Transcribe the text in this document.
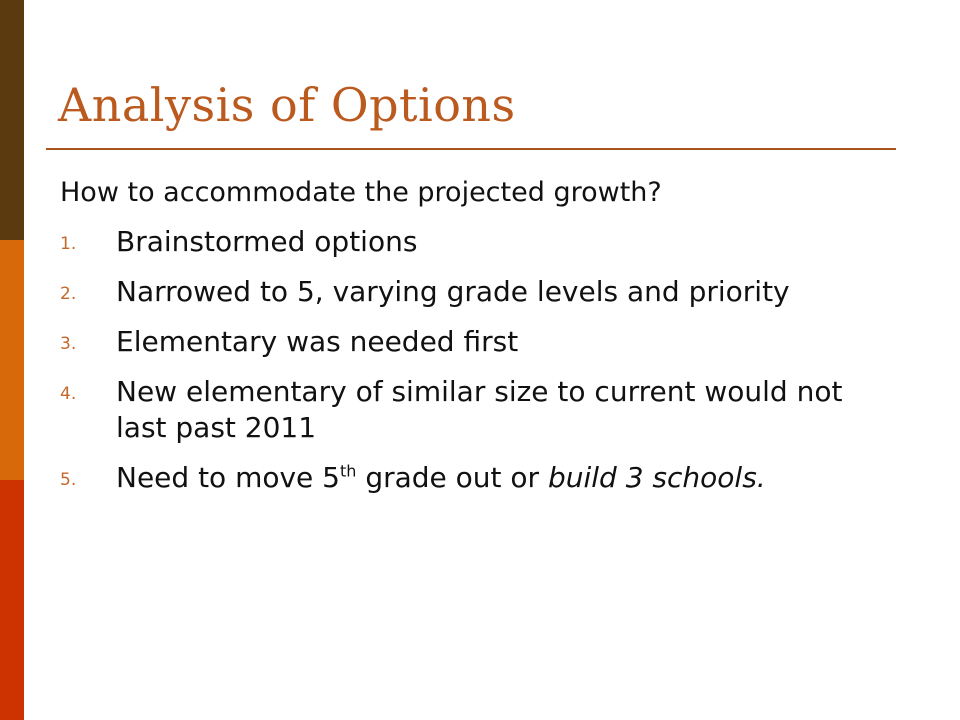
Analysis of Options

How to accommodate the projected growth?

1. Brainstormed options
2. Narrowed to 5, varying grade levels and priority
3. Elementary was needed first
4. New elementary of similar size to current would not last past 2011
5. Need to move 5th grade out or build 3 schools.
